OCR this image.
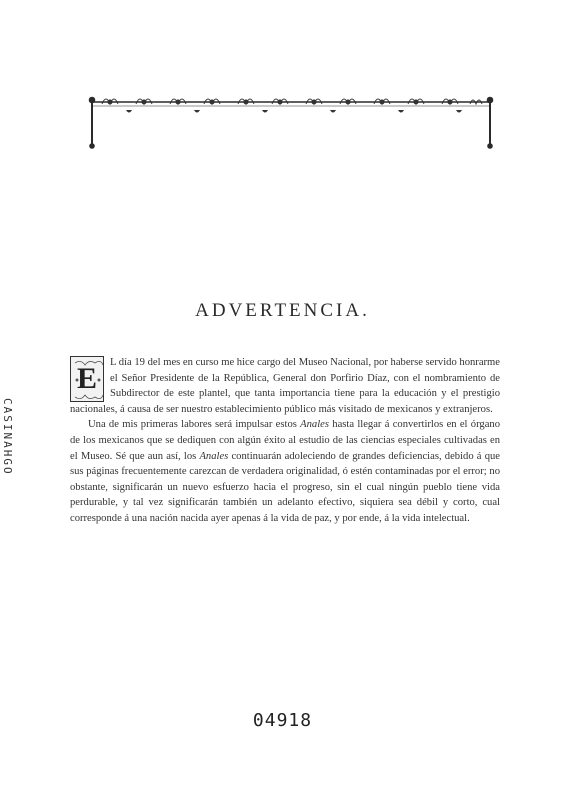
CASINAHGO
ADVERTENCIA.

E L día 19 del mes en curso me hice cargo del Museo Nacional, por haberse servido honrarme el Señor Presidente de la República, General don Porfirio Díaz, con el nombramiento de Subdirector de este plantel, que tanta importancia tiene para la educación y el prestigio nacionales, á causa de ser nuestro establecimiento público más visitado de mexicanos y extranjeros.

Una de mis primeras labores será impulsar estos Anales hasta llegar á convertirlos en el órgano de los mexicanos que se dediquen con algún éxito al estudio de las ciencias especiales cultivadas en el Museo. Sé que aun así, los Anales continuarán adoleciendo de grandes deficiencias, debido á que sus páginas frecuentemente carezcan de verdadera originalidad, ó estén contaminadas por el error; no obstante, significarán un nuevo esfuerzo hacia el progreso, sin el cual ningún pueblo tiene vida perdurable, y tal vez significarán también un adelanto efectivo, siquiera sea débil y corto, cual corresponde á una nación nacida ayer apenas á la vida de paz, y por ende, á la vida intelectual.

04918
